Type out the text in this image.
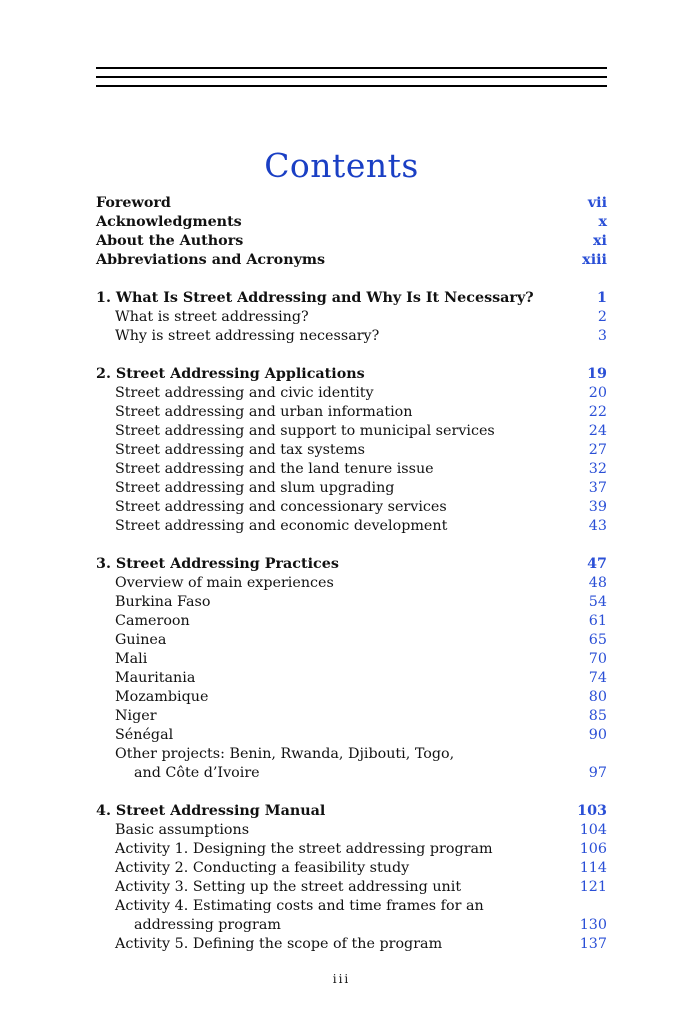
Contents
Foreword	vii
Acknowledgments	x
About the Authors	xi
Abbreviations and Acronyms	xiii
1. What Is Street Addressing and Why Is It Necessary?	1
What is street addressing?	2
Why is street addressing necessary?	3
2. Street Addressing Applications	19
Street addressing and civic identity	20
Street addressing and urban information	22
Street addressing and support to municipal services	24
Street addressing and tax systems	27
Street addressing and the land tenure issue	32
Street addressing and slum upgrading	37
Street addressing and concessionary services	39
Street addressing and economic development	43
3. Street Addressing Practices	47
Overview of main experiences	48
Burkina Faso	54
Cameroon	61
Guinea	65
Mali	70
Mauritania	74
Mozambique	80
Niger	85
Sénégal	90
Other projects: Benin, Rwanda, Djibouti, Togo,
and Côte d’Ivoire	97
4. Street Addressing Manual	103
Basic assumptions	104
Activity 1. Designing the street addressing program	106
Activity 2. Conducting a feasibility study	114
Activity 3. Setting up the street addressing unit	121
Activity 4. Estimating costs and time frames for an
addressing program	130
Activity 5. Defining the scope of the program	137
iii
